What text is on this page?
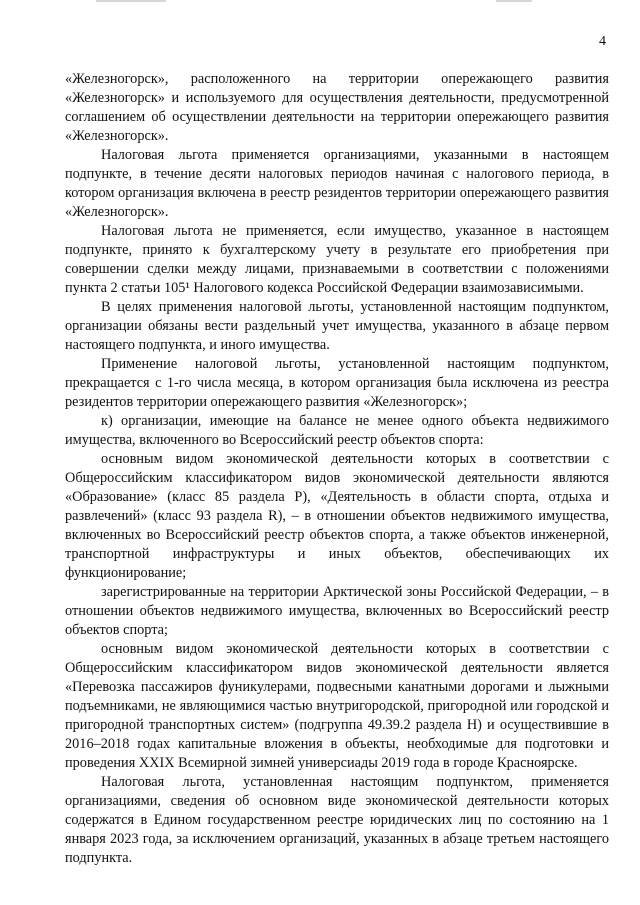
4

«Железногорск», расположенного на территории опережающего развития «Железногорск» и используемого для осуществления деятельности, предусмотренной соглашением об осуществлении деятельности на территории опережающего развития «Железногорск».

Налоговая льгота применяется организациями, указанными в настоящем подпункте, в течение десяти налоговых периодов начиная с налогового периода, в котором организация включена в реестр резидентов территории опережающего развития «Железногорск».

Налоговая льгота не применяется, если имущество, указанное в настоящем подпункте, принято к бухгалтерскому учету в результате его приобретения при совершении сделки между лицами, признаваемыми в соответствии с положениями пункта 2 статьи 105¹ Налогового кодекса Российской Федерации взаимозависимыми.

В целях применения налоговой льготы, установленной настоящим подпунктом, организации обязаны вести раздельный учет имущества, указанного в абзаце первом настоящего подпункта, и иного имущества.

Применение налоговой льготы, установленной настоящим подпунктом, прекращается с 1-го числа месяца, в котором организация была исключена из реестра резидентов территории опережающего развития «Железногорск»;

к) организации, имеющие на балансе не менее одного объекта недвижимого имущества, включенного во Всероссийский реестр объектов спорта:

основным видом экономической деятельности которых в соответствии с Общероссийским классификатором видов экономической деятельности являются «Образование» (класс 85 раздела Р), «Деятельность в области спорта, отдыха и развлечений» (класс 93 раздела R), – в отношении объектов недвижимого имущества, включенных во Всероссийский реестр объектов спорта, а также объектов инженерной, транспортной инфраструктуры и иных объектов, обеспечивающих их функционирование;

зарегистрированные на территории Арктической зоны Российской Федерации, – в отношении объектов недвижимого имущества, включенных во Всероссийский реестр объектов спорта;

основным видом экономической деятельности которых в соответствии с Общероссийским классификатором видов экономической деятельности является «Перевозка пассажиров фуникулерами, подвесными канатными дорогами и лыжными подъемниками, не являющимися частью внутригородской, пригородной или городской и пригородной транспортных систем» (подгруппа 49.39.2 раздела Н) и осуществившие в 2016–2018 годах капитальные вложения в объекты, необходимые для подготовки и проведения XXIX Всемирной зимней универсиады 2019 года в городе Красноярске.

Налоговая льгота, установленная настоящим подпунктом, применяется организациями, сведения об основном виде экономической деятельности которых содержатся в Едином государственном реестре юридических лиц по состоянию на 1 января 2023 года, за исключением организаций, указанных в абзаце третьем настоящего подпункта.
